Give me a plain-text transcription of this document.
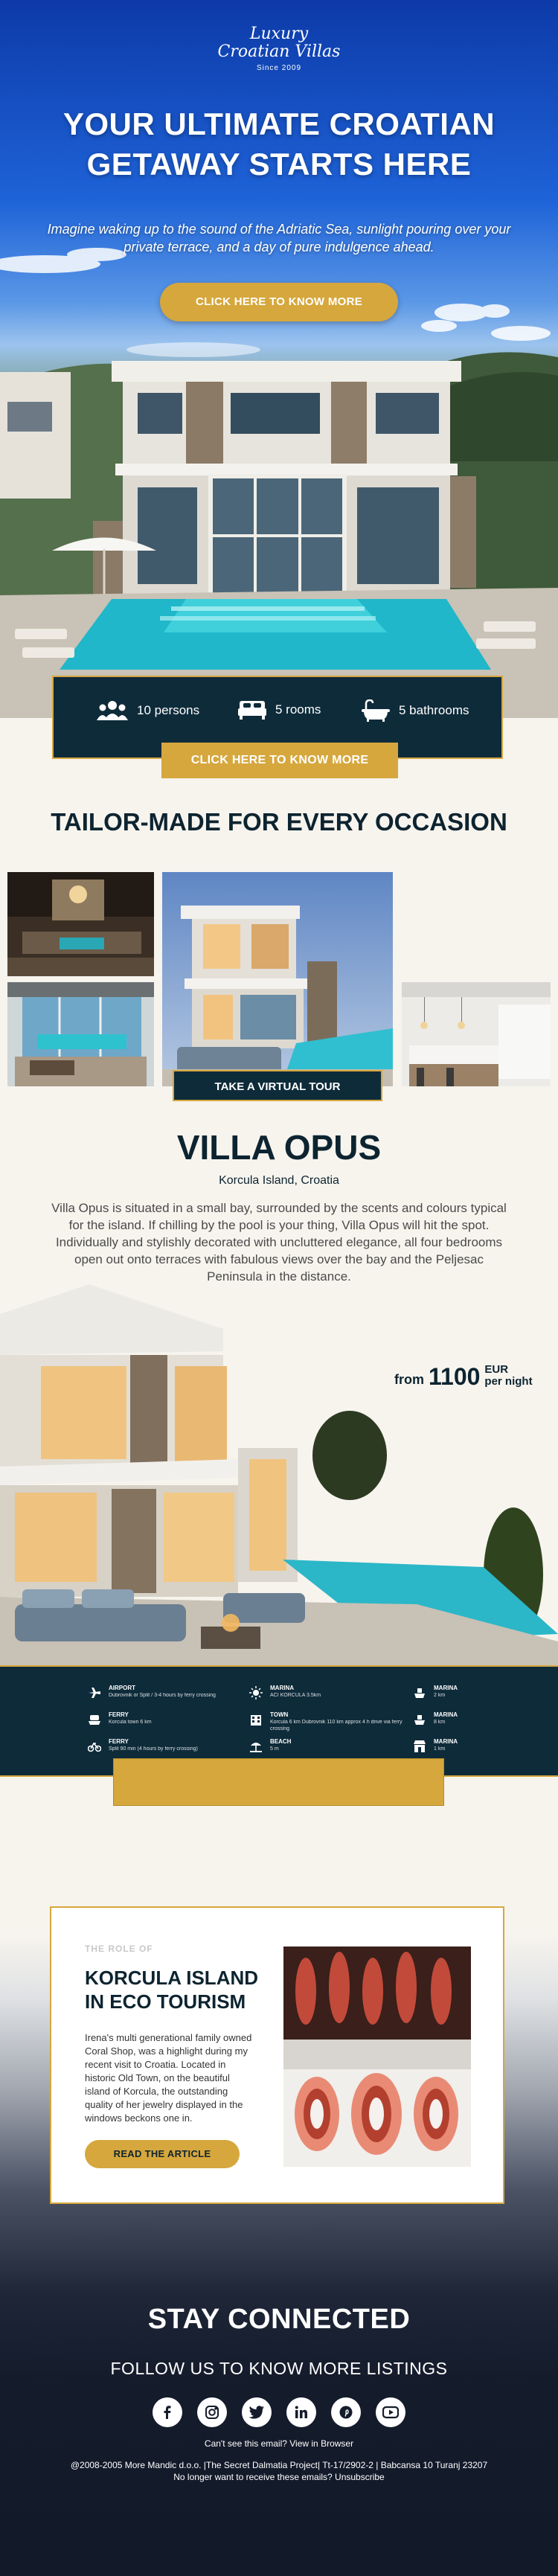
Luxury
Croatian Villas
Since 2009
YOUR ULTIMATE CROATIAN GETAWAY STARTS HERE

Imagine waking up to the sound of the Adriatic Sea, sunlight pouring over your private terrace, and a day of pure indulgence ahead.

CLICK HERE TO KNOW MORE
10 persons	5 rooms	5 bathrooms
CLICK HERE TO KNOW MORE
TAILOR-MADE FOR EVERY OCCASION
TAKE A VIRTUAL TOUR
VILLA OPUS
Korcula Island, Croatia

Villa Opus is situated in a small bay, surrounded by the scents and colours typical for the island. If chilling by the pool is your thing, Villa Opus will hit the spot. Individually and stylishly decorated with uncluttered elegance, all four bedrooms open out onto terraces with fabulous views over the bay and the Peljesac Peninsula in the distance.

from 1100 EUR
per night
AIRPORT
Dubrovnik or Split / 3-4 hours by ferry crossing
MARINA
ACI KORCULA 3.5km
MARINA
2 km
FERRY
Korcula town 6 km
TOWN
Korcula 6 km Dubrovnik 110 km approx 4 h drive via ferry crossing
MARINA
8 km
FERRY
Split 90 min (4 hours by ferry crossing)
BEACH
5 m
MARINA
1 km
THE ROLE OF
KORCULA ISLAND IN ECO TOURISM

Irena's multi generational family owned Coral Shop, was a highlight during my recent visit to Croatia. Located in historic Old Town, on the beautiful island of Korcula, the outstanding quality of her jewelry displayed in the windows beckons one in.

READ THE ARTICLE
STAY CONNECTED
FOLLOW US TO KNOW MORE LISTINGS
Can't see this email? View in Browser
@2008-2005 More Mandic d.o.o. |The Secret Dalmatia Project| Tt-17/2902-2 | Babcansa 10 Turanj 23207
No longer want to receive these emails? Unsubscribe
